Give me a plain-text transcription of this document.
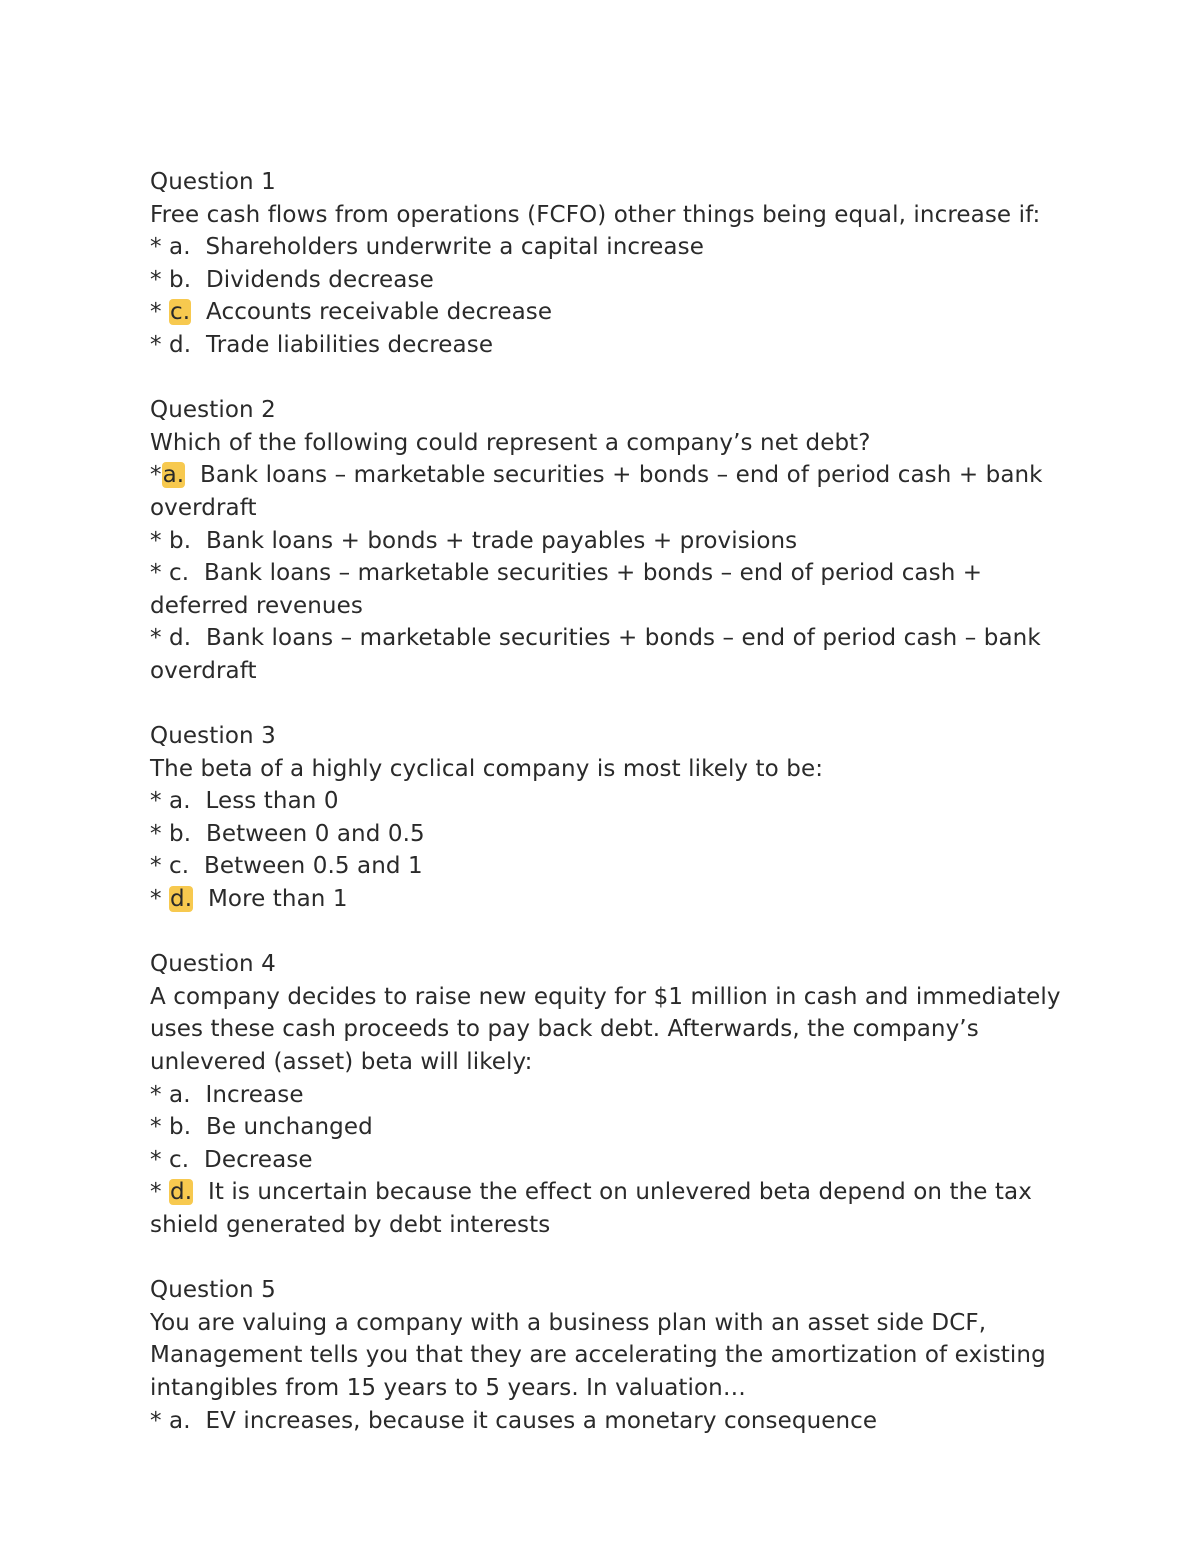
Question 1

Free cash flows from operations (FCFO) other things being equal, increase if:

* a. Shareholders underwrite a capital increase

* b. Dividends decrease

* c. Accounts receivable decrease

* d. Trade liabilities decrease

Question 2

Which of the following could represent a company’s net debt?

*a. Bank loans – marketable securities + bonds – end of period cash + bank overdraft

* b. Bank loans + bonds + trade payables + provisions

* c. Bank loans – marketable securities + bonds – end of period cash + deferred revenues

* d. Bank loans – marketable securities + bonds – end of period cash – bank overdraft

Question 3

The beta of a highly cyclical company is most likely to be:

* a. Less than 0

* b. Between 0 and 0.5

* c. Between 0.5 and 1

* d. More than 1

Question 4

A company decides to raise new equity for $1 million in cash and immediately uses these cash proceeds to pay back debt. Afterwards, the company’s unlevered (asset) beta will likely:

* a. Increase

* b. Be unchanged

* c. Decrease

* d. It is uncertain because the effect on unlevered beta depend on the tax shield generated by debt interests

Question 5

You are valuing a company with a business plan with an asset side DCF, Management tells you that they are accelerating the amortization of existing intangibles from 15 years to 5 years. In valuation…

* a. EV increases, because it causes a monetary consequence
